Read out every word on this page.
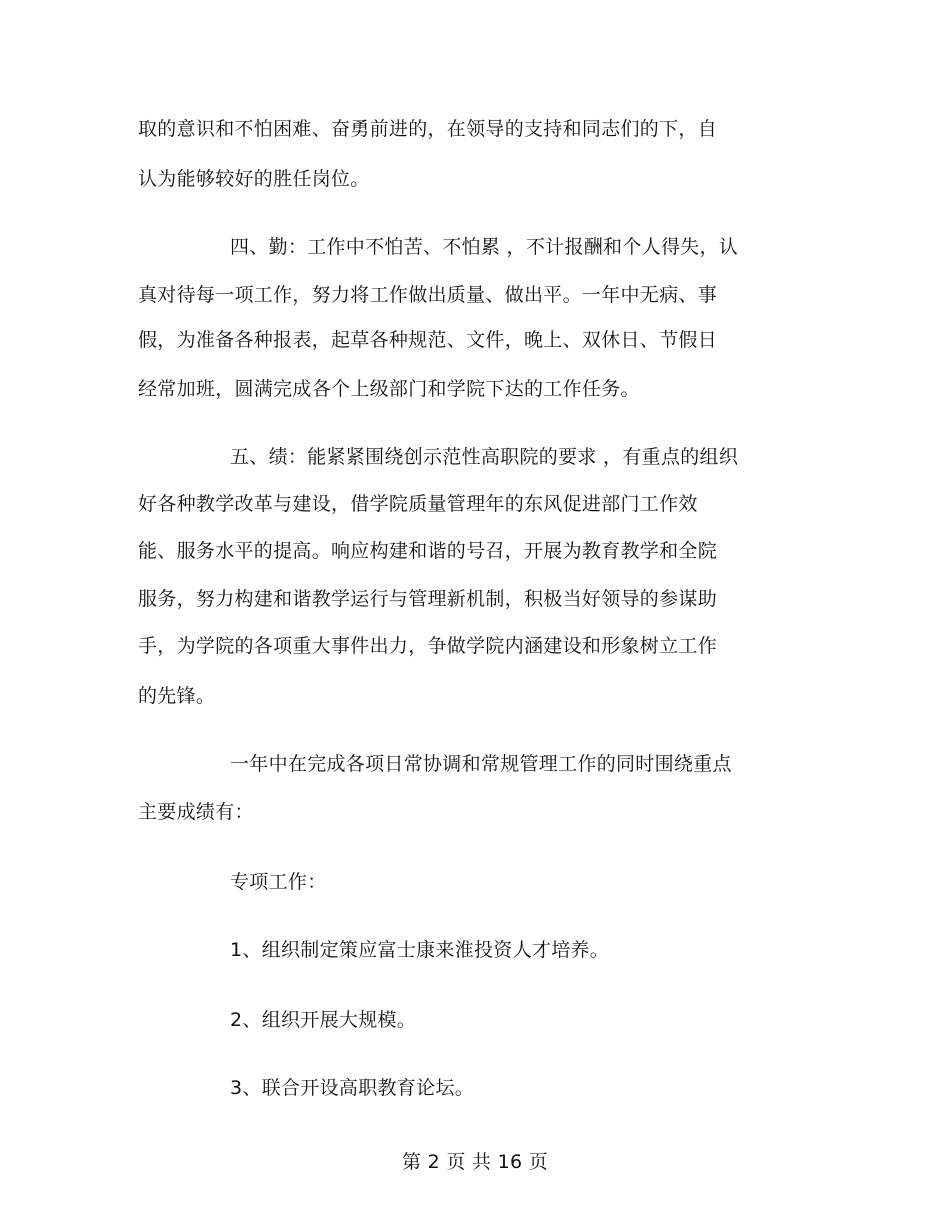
取的意识和不怕困难、奋勇前进的，在领导的支持和同志们的下，自
认为能够较好的胜任岗位。
四、勤：工作中不怕苦、不怕累 ，不计报酬和个人得失，认
真对待每一项工作，努力将工作做出质量、做出平。一年中无病、事
假，为准备各种报表，起草各种规范、文件，晚上、双休日、节假日
经常加班，圆满完成各个上级部门和学院下达的工作任务。
五、绩：能紧紧围绕创示范性高职院的要求 ，有重点的组织
好各种教学改革与建设，借学院质量管理年的东风促进部门工作效
能、服务水平的提高。响应构建和谐的号召，开展为教育教学和全院
服务，努力构建和谐教学运行与管理新机制，积极当好领导的参谋助
手，为学院的各项重大事件出力，争做学院内涵建设和形象树立工作
的先锋。
一年中在完成各项日常协调和常规管理工作的同时围绕重点
主要成绩有：
专项工作：
1、组织制定策应富士康来淮投资人才培养。
2、组织开展大规模。
3、联合开设高职教育论坛。
第 2 页 共 16 页
